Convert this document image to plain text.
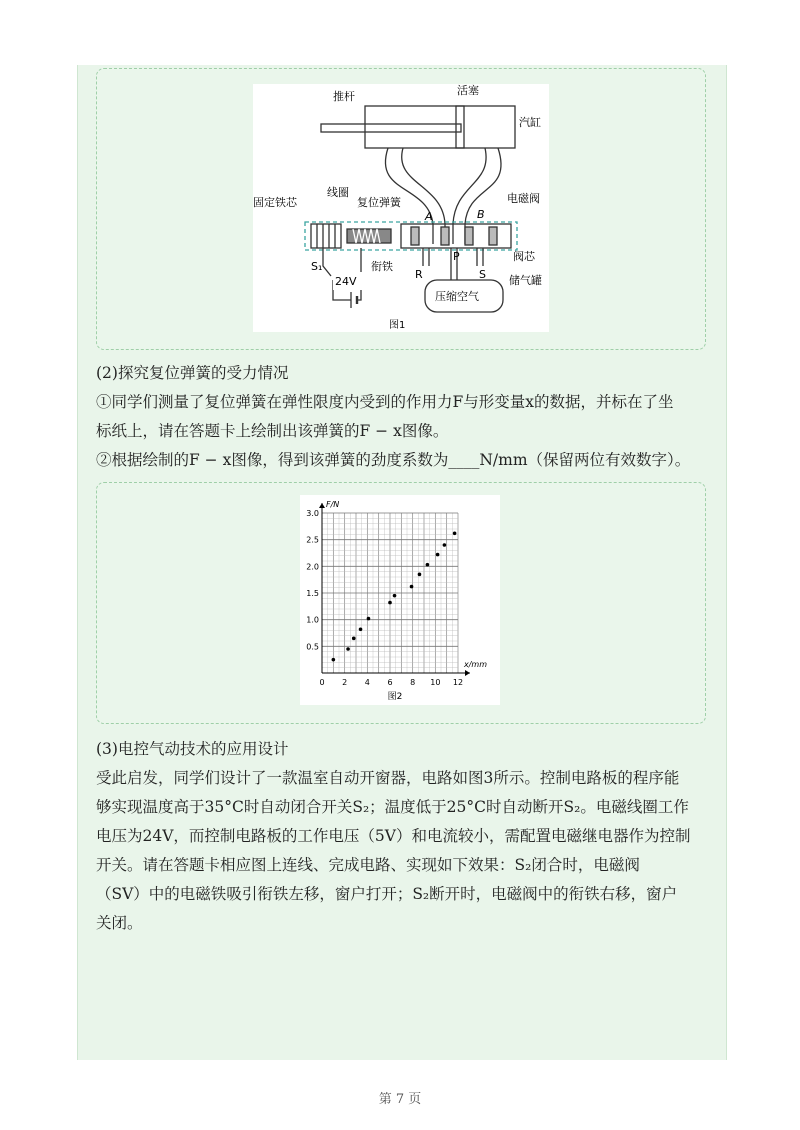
推杆	活塞
汽缸
固定铁芯
线圈
复位弹簧	电磁阀
A	B
R
P
S
S₁
24V
衔铁
阀芯
储气罐
压缩空气
图1
(2)探究复位弹簧的受力情况
①同学们测量了复位弹簧在弹性限度内受到的作用力F与形变量x的数据，并标在了坐
标纸上，请在答题卡上绘制出该弹簧的F − x图像。
②根据绘制的F − x图像，得到该弹簧的劲度系数为____N/mm（保留两位有效数字）。
0 2 4 6 8 10 12
0.5
1.0
1.5
2.0
2.5
3.0
x/mm
F/N
图2
(3)电控气动技术的应用设计
受此启发，同学们设计了一款温室自动开窗器，电路如图3所示。控制电路板的程序能
够实现温度高于35°C时自动闭合开关S₂；温度低于25°C时自动断开S₂。电磁线圈工作
电压为24V，而控制电路板的工作电压（5V）和电流较小，需配置电磁继电器作为控制
开关。请在答题卡相应图上连线、完成电路、实现如下效果：S₂闭合时，电磁阀
（SV）中的电磁铁吸引衔铁左移，窗户打开；S₂断开时，电磁阀中的衔铁右移，窗户
关闭。
第 7 页
